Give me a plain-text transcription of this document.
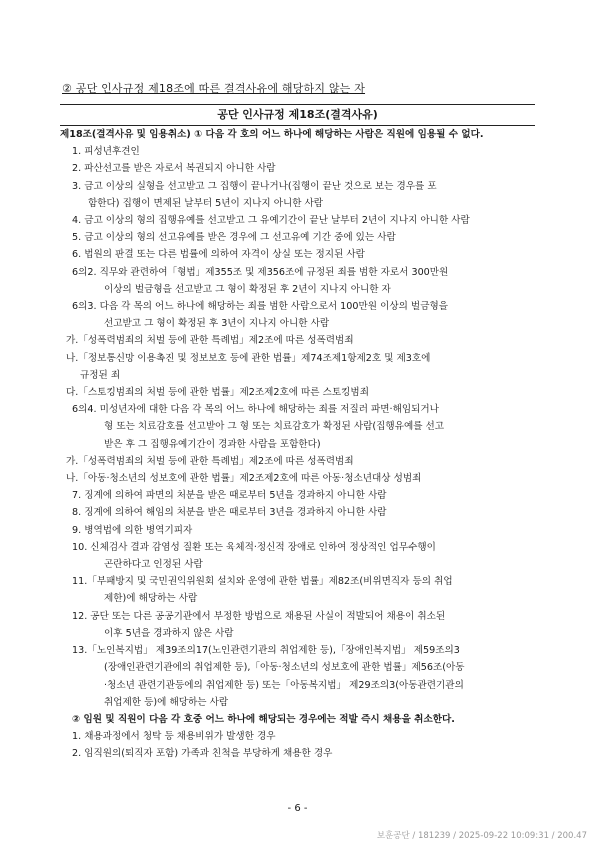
② 공단 인사규정 제18조에 따른 결격사유에 해당하지 않는 자
공단 인사규정 제18조(결격사유)
제18조(결격사유 및 임용취소) ① 다음 각 호의 어느 하나에 해당하는 사람은 직원에 임용될 수 없다.
1. 피성년후견인
2. 파산선고를 받은 자로서 복권되지 아니한 사람
3. 금고 이상의 실형을 선고받고 그 집행이 끝나거나(집행이 끝난 것으로 보는 경우를 포
함한다) 집행이 면제된 날부터 5년이 지나지 아니한 사람
4. 금고 이상의 형의 집행유예를 선고받고 그 유예기간이 끝난 날부터 2년이 지나지 아니한 사람
5. 금고 이상의 형의 선고유예를 받은 경우에 그 선고유예 기간 중에 있는 사람
6. 법원의 판결 또는 다른 법률에 의하여 자격이 상실 또는 정지된 사람
6의2. 직무와 관련하여「형법」제355조 및 제356조에 규정된 죄를 범한 자로서 300만원
이상의 벌금형을 선고받고 그 형이 확정된 후 2년이 지나지 아니한 자
6의3. 다음 각 목의 어느 하나에 해당하는 죄를 범한 사람으로서 100만원 이상의 벌금형을
선고받고 그 형이 확정된 후 3년이 지나지 아니한 사람
가.「성폭력범죄의 처벌 등에 관한 특례법」제2조에 따른 성폭력범죄
나.「정보통신망 이용촉진 및 정보보호 등에 관한 법률」제74조제1항제2호 및 제3호에
규정된 죄
다.「스토킹범죄의 처벌 등에 관한 법률」제2조제2호에 따른 스토킹범죄
6의4. 미성년자에 대한 다음 각 목의 어느 하나에 해당하는 죄를 저질러 파면·해임되거나
형 또는 치료감호를 선고받아 그 형 또는 치료감호가 확정된 사람(집행유예를 선고
받은 후 그 집행유예기간이 경과한 사람을 포함한다)
가.「성폭력범죄의 처벌 등에 관한 특례법」제2조에 따른 성폭력범죄
나.「아동·청소년의 성보호에 관한 법률」제2조제2호에 따른 아동·청소년대상 성범죄
7. 징계에 의하여 파면의 처분을 받은 때로부터 5년을 경과하지 아니한 사람
8. 징계에 의하여 해임의 처분을 받은 때로부터 3년을 경과하지 아니한 사람
9. 병역법에 의한 병역기피자
10. 신체검사 결과 감염성 질환 또는 육체적·정신적 장애로 인하여 정상적인 업무수행이
곤란하다고 인정된 사람
11.「부패방지 및 국민권익위원회 설치와 운영에 관한 법률」제82조(비위면직자 등의 취업
제한)에 해당하는 사람
12. 공단 또는 다른 공공기관에서 부정한 방법으로 채용된 사실이 적발되어 채용이 취소된
이후 5년을 경과하지 않은 사람
13.「노인복지법」 제39조의17(노인관련기관의 취업제한 등),「장애인복지법」 제59조의3
(장애인관련기관에의 취업제한 등),「아동·청소년의 성보호에 관한 법률」제56조(아동
·청소년 관련기관등에의 취업제한 등) 또는「아동복지법」 제29조의3(아동관련기관의
취업제한 등)에 해당하는 사람
② 임원 및 직원이 다음 각 호중 어느 하나에 해당되는 경우에는 적발 즉시 채용을 취소한다.
1. 채용과정에서 청탁 등 채용비위가 발생한 경우
2. 임직원의(퇴직자 포함) 가족과 친척을 부당하게 채용한 경우
- 6 -
보훈공단 / 181239 / 2025-09-22 10:09:31 / 200.47
